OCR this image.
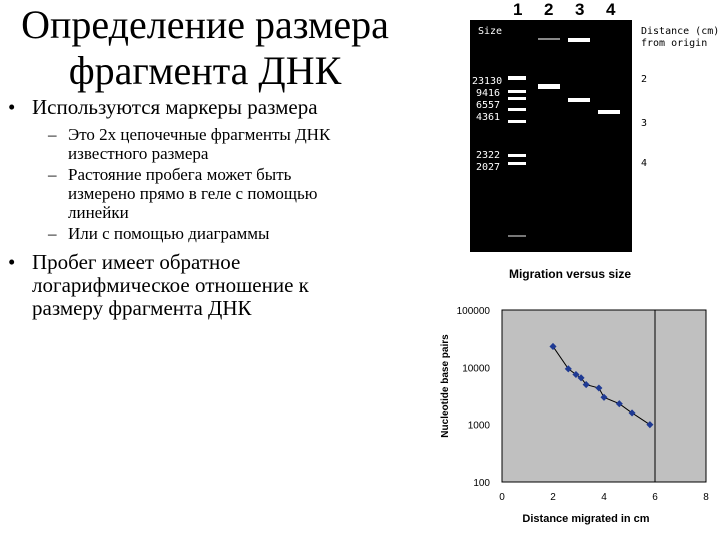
Определение размера
фрагмента ДНК

• Используются маркеры размера

– Это 2х цепочечные фрагменты ДНК известного размера

– Растояние пробега может быть измерено прямо в геле с помощью линейки

– Или с помощью диаграммы

• Пробег имеет обратное логарифмическое отношение к размеру фрагмента ДНК

1 2 3 4
Size
23130
9416
6557
4361
2322
2027
Distance (cm)
from origin
2
3
4
Migration versus size
100000
10000
1000
100
0	2	4	6	8
Nucleotide base pairs
Distance migrated in cm
